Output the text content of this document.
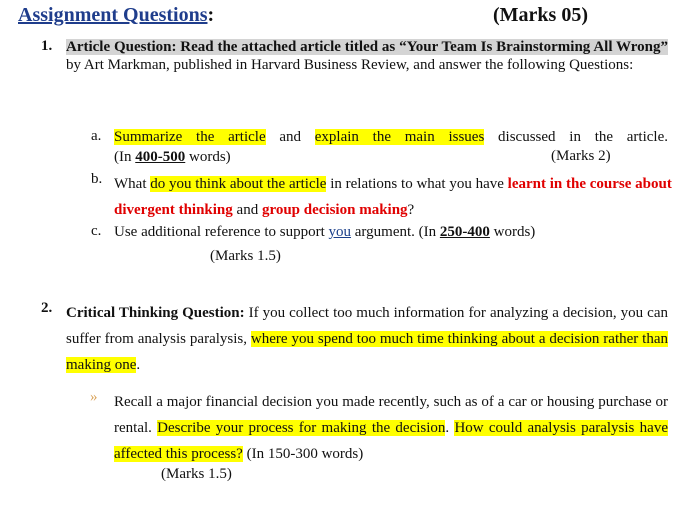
Assignment Questions:	(Marks 05)
1. Article Question: Read the attached article titled as “Your Team Is Brainstorming All Wrong” by Art Markman, published in Harvard Business Review, and answer the following Questions:
a. Summarize the article and explain the main issues discussed in the article.
(In 400-500 words)	(Marks 2)
b. What do you think about the article in relations to what you have learnt in the course about divergent thinking and group decision making?
c. Use additional reference to support you argument. (In 250-400 words)
(Marks 1.5)
2. Critical Thinking Question: If you collect too much information for analyzing a decision, you can suffer from analysis paralysis, where you spend too much time thinking about a decision rather than making one.
» Recall a major financial decision you made recently, such as of a car or housing purchase or rental. Describe your process for making the decision. How could analysis paralysis have affected this process? (In 150-300 words)
(Marks 1.5)
